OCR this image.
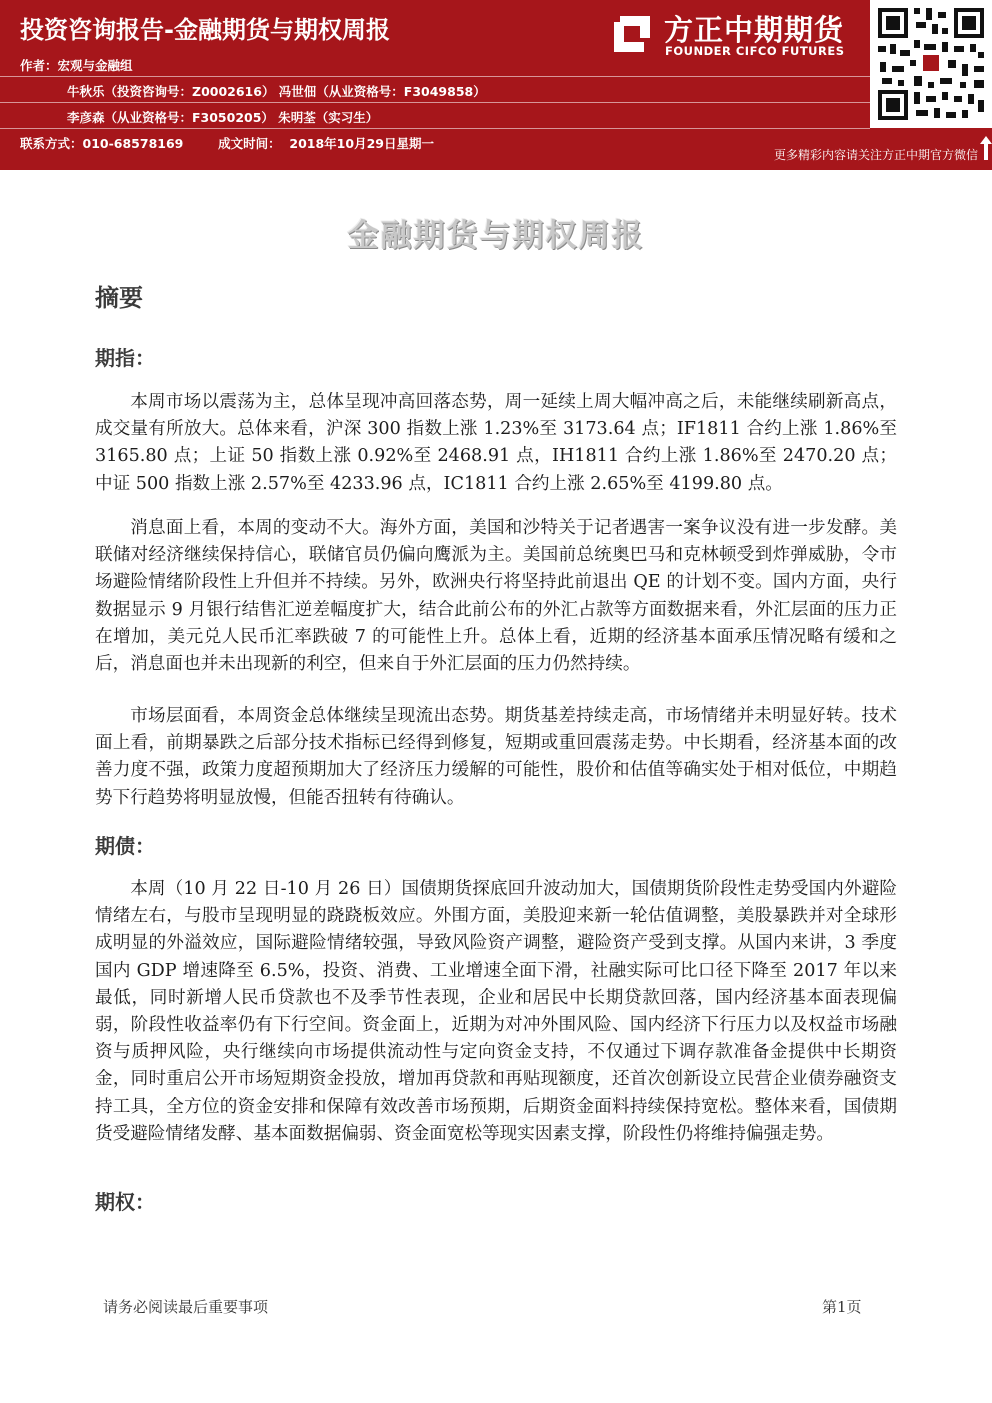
投资咨询报告-金融期货与期权周报
作者：宏观与金融组
牛秋乐（投资咨询号：Z0002616） 冯世佃（从业资格号：F3049858）
李彦森（从业资格号：F3050205） 朱明荃（实习生）
联系方式：010-68578169        成文时间：  2018年10月29日星期一
方正中期期货
FOUNDER CIFCO FUTURES
更多精彩内容请关注方正中期官方微信
金融期货与期权周报
摘要
期指：

本周市场以震荡为主，总体呈现冲高回落态势，周一延续上周大幅冲高之后，未能继续刷新高点，成交量有所放大。总体来看，沪深 300 指数上涨 1.23%至 3173.64 点；IF1811 合约上涨 1.86%至 3165.80 点；上证 50 指数上涨 0.92%至 2468.91 点，IH1811 合约上涨 1.86%至 2470.20 点；中证 500 指数上涨 2.57%至 4233.96 点，IC1811 合约上涨 2.65%至 4199.80 点。

消息面上看，本周的变动不大。海外方面，美国和沙特关于记者遇害一案争议没有进一步发酵。美联储对经济继续保持信心，联储官员仍偏向鹰派为主。美国前总统奥巴马和克林顿受到炸弹威胁，令市场避险情绪阶段性上升但并不持续。另外，欧洲央行将坚持此前退出 QE 的计划不变。国内方面，央行数据显示 9 月银行结售汇逆差幅度扩大，结合此前公布的外汇占款等方面数据来看，外汇层面的压力正在增加，美元兑人民币汇率跌破 7 的可能性上升。总体上看，近期的经济基本面承压情况略有缓和之后，消息面也并未出现新的利空，但来自于外汇层面的压力仍然持续。

市场层面看，本周资金总体继续呈现流出态势。期货基差持续走高，市场情绪并未明显好转。技术面上看，前期暴跌之后部分技术指标已经得到修复，短期或重回震荡走势。中长期看，经济基本面的改善力度不强，政策力度超预期加大了经济压力缓解的可能性，股价和估值等确实处于相对低位，中期趋势下行趋势将明显放慢，但能否扭转有待确认。

期债：

本周（10 月 22 日-10 月 26 日）国债期货探底回升波动加大，国债期货阶段性走势受国内外避险情绪左右，与股市呈现明显的跷跷板效应。外围方面，美股迎来新一轮估值调整，美股暴跌并对全球形成明显的外溢效应，国际避险情绪较强，导致风险资产调整，避险资产受到支撑。从国内来讲，3 季度国内 GDP 增速降至 6.5%，投资、消费、工业增速全面下滑，社融实际可比口径下降至 2017 年以来最低，同时新增人民币贷款也不及季节性表现，企业和居民中长期贷款回落，国内经济基本面表现偏弱，阶段性收益率仍有下行空间。资金面上，近期为对冲外围风险、国内经济下行压力以及权益市场融资与质押风险，央行继续向市场提供流动性与定向资金支持，不仅通过下调存款准备金提供中长期资金，同时重启公开市场短期资金投放，增加再贷款和再贴现额度，还首次创新设立民营企业债券融资支持工具，全方位的资金安排和保障有效改善市场预期，后期资金面料持续保持宽松。整体来看，国债期货受避险情绪发酵、基本面数据偏弱、资金面宽松等现实因素支撑，阶段性仍将维持偏强走势。

期权：
请务必阅读最后重要事项	第1页
